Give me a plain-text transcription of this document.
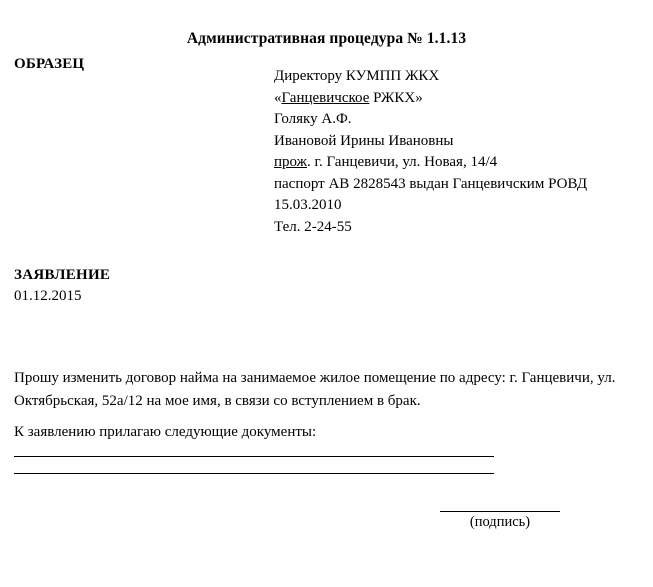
Административная процедура № 1.1.13
ОБРАЗЕЦ
Директору КУМПП ЖКХ
«Ганцевичское РЖКХ»
Голяку А.Ф.
Ивановой Ирины Ивановны
прож. г. Ганцевичи, ул. Новая, 14/4
паспорт АВ 2828543 выдан Ганцевичским РОВД
15.03.2010
Тел. 2-24-55
ЗАЯВЛЕНИЕ
01.12.2015
Прошу изменить договор найма на занимаемое жилое помещение по адресу: г. Ганцевичи, ул. Октябрьская, 52а/12 на мое имя, в связи со вступлением в брак.
К заявлению прилагаю следующие документы:
(подпись)
